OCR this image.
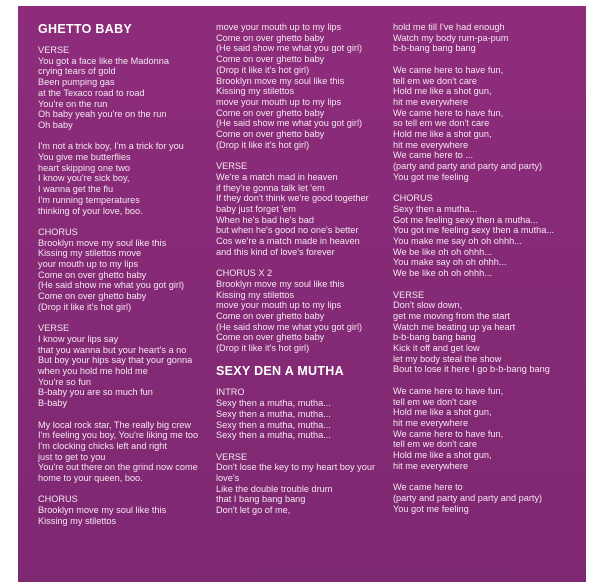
GHETTO BABY
VERSE
You got a face like the Madonna
crying tears of gold
Been pumping gas
at the Texaco road to road
You're on the run
Oh baby yeah you're on the run
Oh baby
I'm not a trick boy, I'm a trick for you
You give me butterflies
heart skipping one two
I know you're sick boy,
I wanna get the flu
I'm running temperatures
thinking of your love, boo.
CHORUS
Brooklyn move my soul like this
Kissing my stilettos move
your mouth up to my lips
Come on over ghetto baby
(He said show me what you got girl)
Come on over ghetto baby
(Drop it like it's hot girl)
VERSE
I know your lips say
that you wanna but your heart's a no
But boy your hips say that your gonna
when you hold me hold me
You're so fun
B-baby you are so much fun
B-baby
My local rock star, The really big crew
I'm feeling you boy, You're liking me too
I'm clocking chicks left and right
just to get to you
You're out there on the grind now come
home to your queen, boo.
CHORUS
Brooklyn move my soul like this
Kissing my stilettos
move your mouth up to my lips
Come on over ghetto baby
(He said show me what you got girl)
Come on over ghetto baby
(Drop it like it's hot girl)
Brooklyn move my soul like this
Kissing my stilettos
move your mouth up to my lips
Come on over ghetto baby
(He said show me what you got girl)
Come on over ghetto baby
(Drop it like it's hot girl)
VERSE
We're a match mad in heaven
if they're gonna talk let 'em
If they don't think we're good together
baby just forget 'em
When he's bad he's bad
but when he's good no one's better
Cos we're a match made in heaven
and this kind of love's forever
CHORUS X 2
Brooklyn move my soul like this
Kissing my stilettos
move your mouth up to my lips
Come on over ghetto baby
(He said show me what you got girl)
Come on over ghetto baby
(Drop it like it's hot girl)
SEXY DEN A MUTHA
INTRO
Sexy then a mutha, mutha...
Sexy then a mutha, mutha...
Sexy then a mutha, mutha...
Sexy then a mutha, mutha...
VERSE
Don't lose the key to my heart boy your
love's
Like the double trouble drum
that I bang bang bang
Don't let go of me,
hold me till I've had enough
Watch my body rum-pa-pum
b-b-bang bang bang
We came here to have fun,
tell em we don't care
Hold me like a shot gun,
hit me everywhere
We came here to have fun,
so tell em we don't care
Hold me like a shot gun,
hit me everywhere
We came here to ...
(party and party and party and party)
You got me feeling
CHORUS
Sexy then a mutha...
Got me feeling sexy then a mutha...
You got me feeling sexy then a mutha...
You make me say oh oh ohhh...
We be like oh oh ohhh...
You make say oh oh ohhh...
We be like oh oh ohhh...
VERSE
Don't slow down,
get me moving from the start
Watch me beating up ya heart
b-b-bang bang bang
Kick it off and get low
let my body steal the show
Bout to lose it here I go b-b-bang bang
We came here to have fun,
tell em we don't care
Hold me like a shot gun,
hit me everywhere
We came here to have fun,
tell em we don't care
Hold me like a shot gun,
hit me everywhere
We came here to
(party and party and party and party)
You got me feeling
